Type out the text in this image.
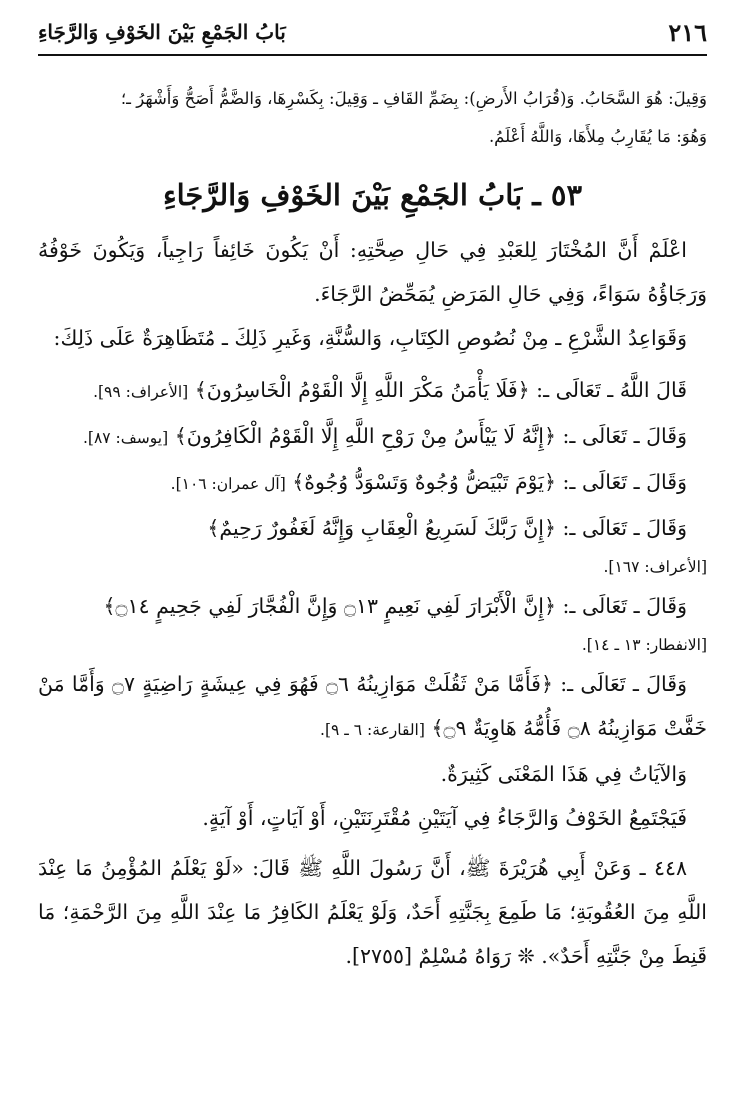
٢١٦
بَابُ الجَمْعِ بَيْنَ الخَوْفِ وَالرَّجَاءِ

وَقِيلَ: هُوَ السَّحَابُ. وَ(قُرَابُ الأَرضِ): بِضَمِّ القَافِ ـ وَقِيلَ: بِكَسْرِهَا، وَالضَّمُّ أَصَحُّ وَأَشْهَرُ ـ؛

وَهُوَ: مَا يُقَارِبُ مِلأَهَا، وَاللَّهُ أَعْلَمُ.

٥٣ ـ بَابُ الجَمْعِ بَيْنَ الخَوْفِ وَالرَّجَاءِ

اعْلَمْ أَنَّ المُخْتَارَ لِلعَبْدِ فِي حَالِ صِحَّتِهِ: أَنْ يَكُونَ خَائِفاً رَاجِياً، وَيَكُونَ خَوْفُهُ وَرَجَاؤُهُ سَوَاءً، وَفِي حَالِ المَرَضِ يُمَحِّضُ الرَّجَاءَ.

وَقَوَاعِدُ الشَّرْعِ ـ مِنْ نُصُوصِ الكِتَابِ، وَالسُّنَّةِ، وَغَيرِ ذَلِكَ ـ مُتَظَاهِرَةٌ عَلَى ذَلِكَ:

قَالَ اللَّهُ ـ تَعَالَى ـ: ﴿فَلَا يَأْمَنُ مَكْرَ اللَّهِ إِلَّا الْقَوْمُ الْخَاسِرُونَ﴾ [الأعراف: ٩٩].

وَقَالَ ـ تَعَالَى ـ: ﴿إِنَّهُ لَا يَيْأَسُ مِنْ رَوْحِ اللَّهِ إِلَّا الْقَوْمُ الْكَافِرُونَ﴾ [يوسف: ٨٧].

وَقَالَ ـ تَعَالَى ـ: ﴿يَوْمَ تَبْيَضُّ وُجُوهٌ وَتَسْوَدُّ وُجُوهٌ﴾ [آل عمران: ١٠٦].

وَقَالَ ـ تَعَالَى ـ: ﴿إِنَّ رَبَّكَ لَسَرِيعُ الْعِقَابِ وَإِنَّهُ لَغَفُورٌ رَحِيمٌ﴾

[الأعراف: ١٦٧].

وَقَالَ ـ تَعَالَى ـ: ﴿إِنَّ الْأَبْرَارَ لَفِي نَعِيمٍ ۝١٣ وَإِنَّ الْفُجَّارَ لَفِي جَحِيمٍ ۝١٤﴾

[الانفطار: ١٣ ـ ١٤].

وَقَالَ ـ تَعَالَى ـ: ﴿فَأَمَّا مَنْ ثَقُلَتْ مَوَازِينُهُ ۝٦ فَهُوَ فِي عِيشَةٍ رَاضِيَةٍ ۝٧ وَأَمَّا مَنْ خَفَّتْ مَوَازِينُهُ ۝٨ فَأُمُّهُ هَاوِيَةٌ ۝٩﴾ [القارعة: ٦ ـ ٩].

وَالآيَاتُ فِي هَذَا المَعْنَى كَثِيرَةٌ.

فَيَجْتَمِعُ الخَوْفُ وَالرَّجَاءُ فِي آيَتَيْنِ مُقْتَرِنَتَيْنِ، أَوْ آيَاتٍ، أَوْ آيَةٍ.

٤٤٨ ـ وَعَنْ أَبِي هُرَيْرَةَ ﷺ، أَنَّ رَسُولَ اللَّهِ ﷺ قَالَ: «لَوْ يَعْلَمُ المُؤْمِنُ مَا عِنْدَ اللَّهِ مِنَ العُقُوبَةِ؛ مَا طَمِعَ بِجَنَّتِهِ أَحَدٌ، وَلَوْ يَعْلَمُ الكَافِرُ مَا عِنْدَ اللَّهِ مِنَ الرَّحْمَةِ؛ مَا قَنِطَ مِنْ جَنَّتِهِ أَحَدٌ». ❊ رَوَاهُ مُسْلِمٌ [٢٧٥٥].
